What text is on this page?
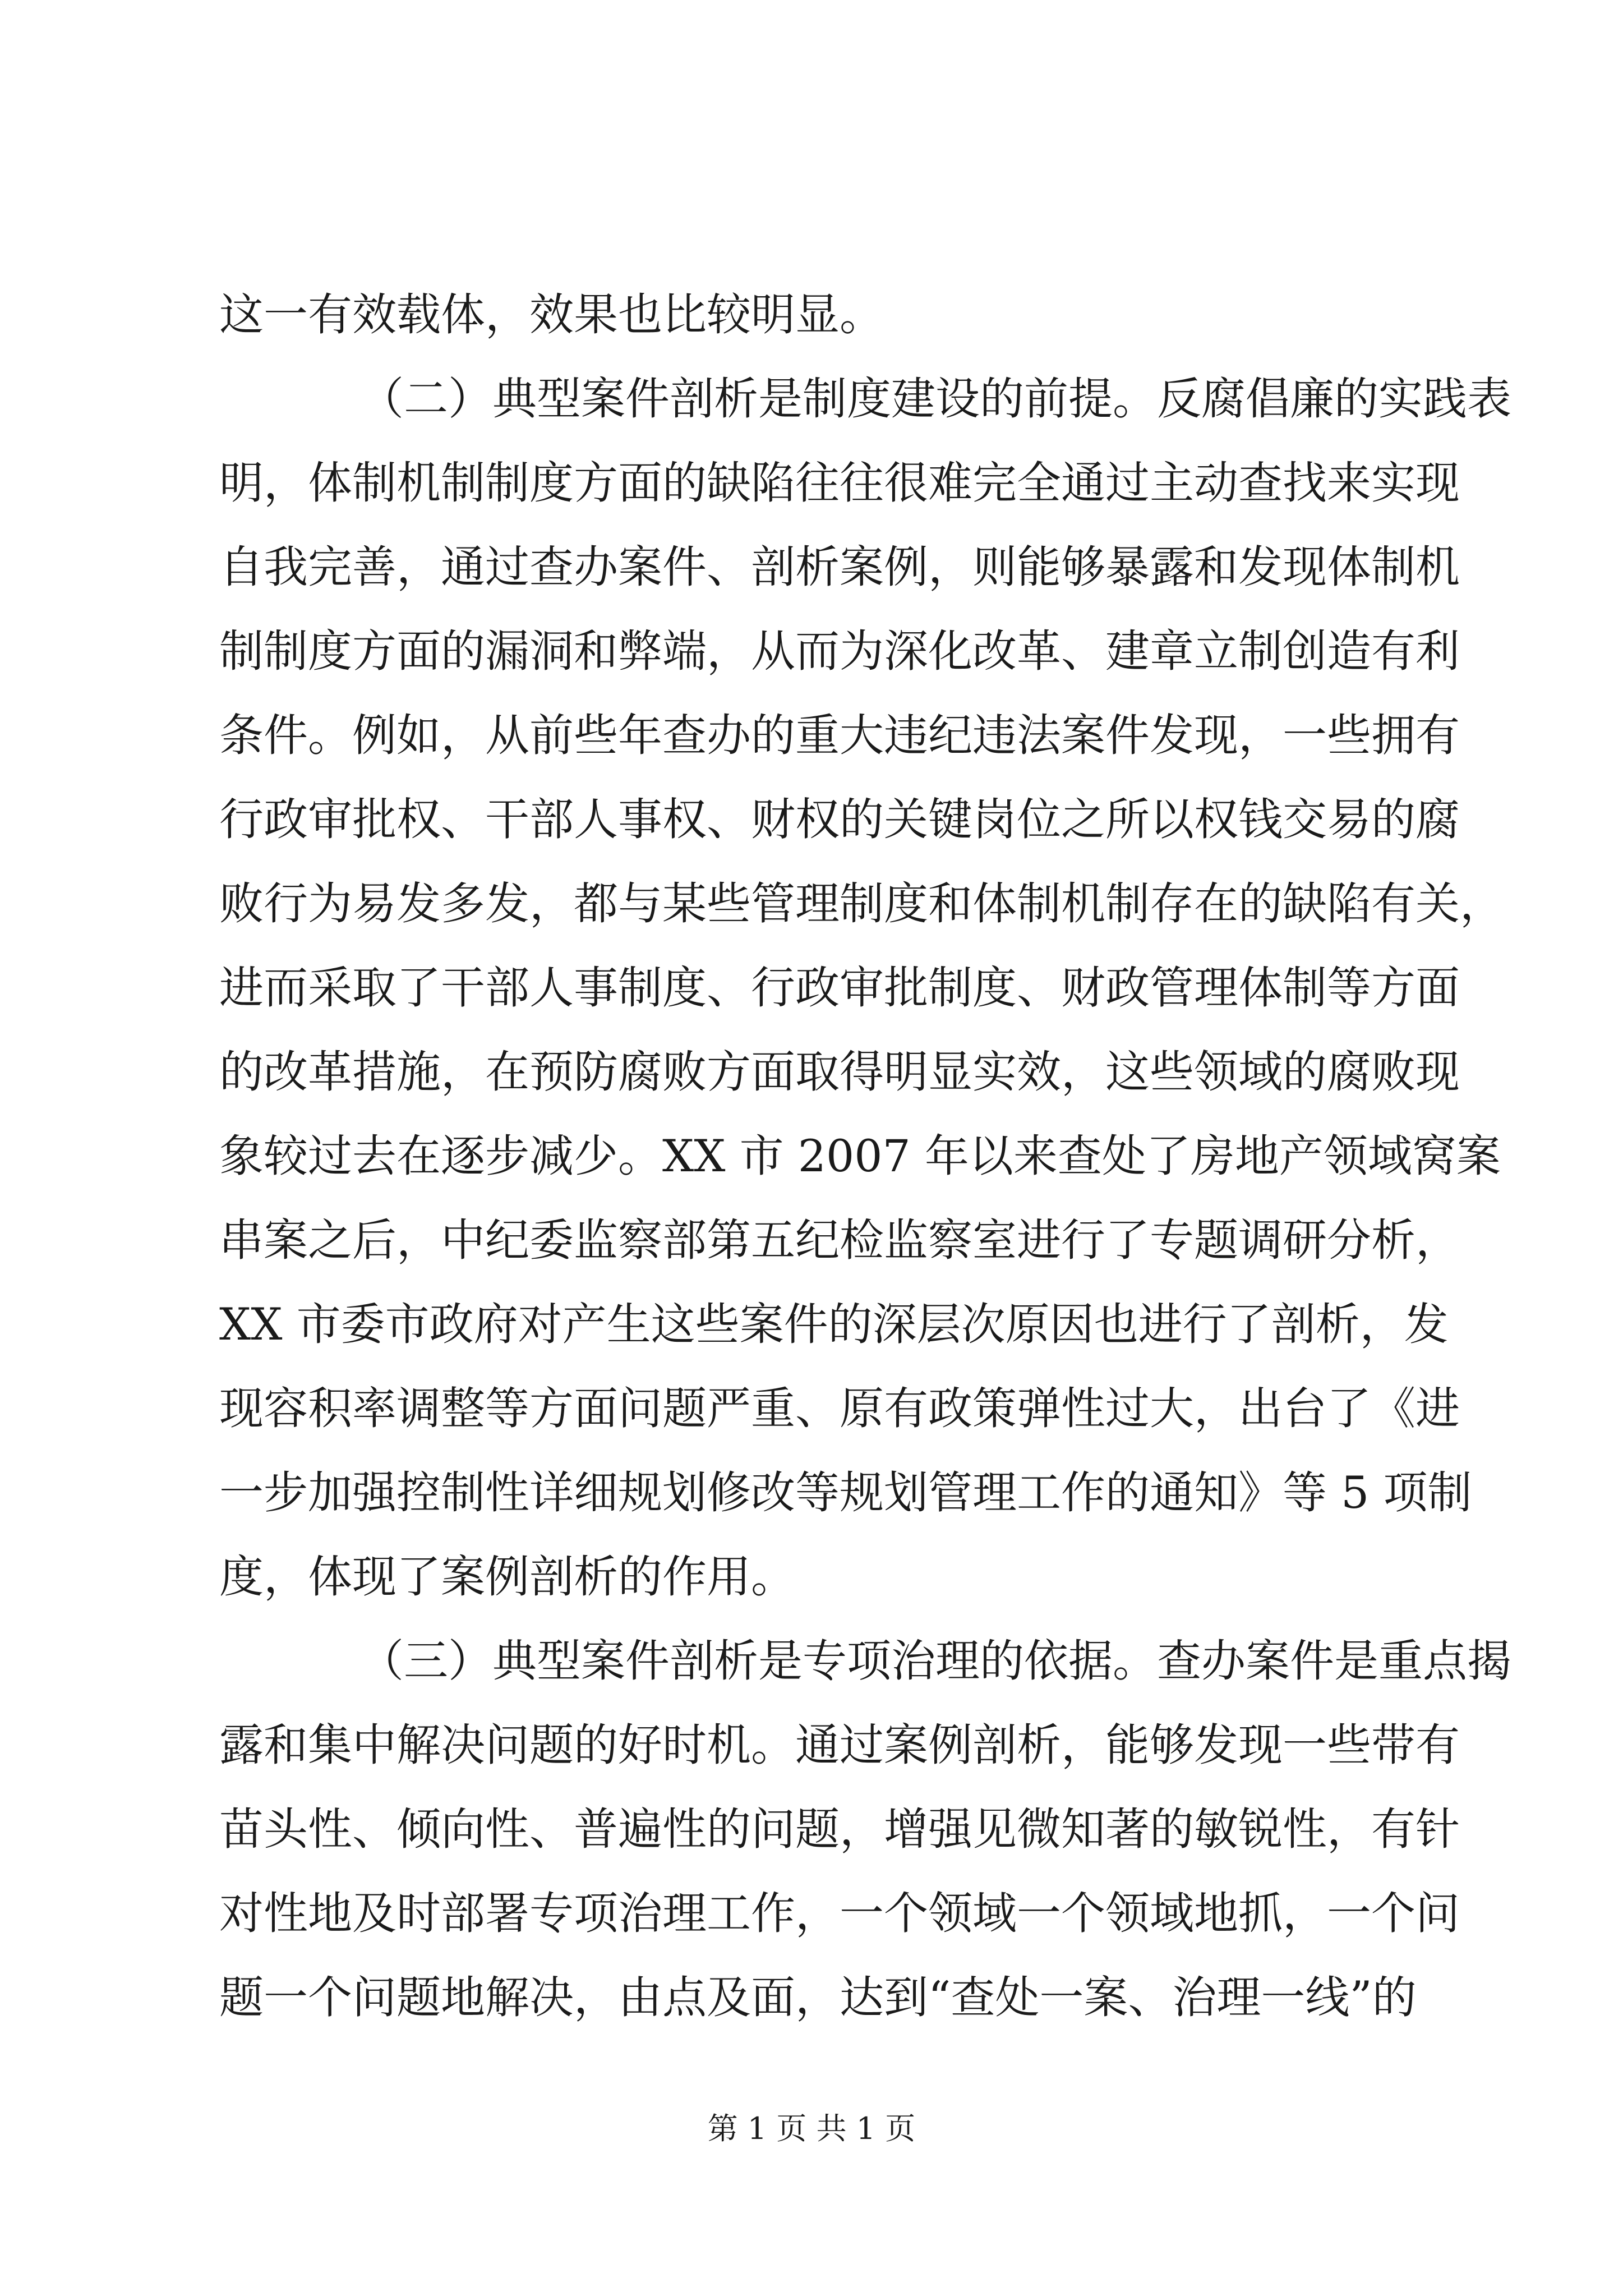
这一有效载体，效果也比较明显。
（二）典型案件剖析是制度建设的前提。反腐倡廉的实践表
明，体制机制制度方面的缺陷往往很难完全通过主动查找来实现
自我完善，通过查办案件、剖析案例，则能够暴露和发现体制机
制制度方面的漏洞和弊端，从而为深化改革、建章立制创造有利
条件。例如，从前些年查办的重大违纪违法案件发现，一些拥有
行政审批权、干部人事权、财权的关键岗位之所以权钱交易的腐
败行为易发多发，都与某些管理制度和体制机制存在的缺陷有关，
进而采取了干部人事制度、行政审批制度、财政管理体制等方面
的改革措施，在预防腐败方面取得明显实效，这些领域的腐败现
象较过去在逐步减少。XX 市 2007 年以来查处了房地产领域窝案
串案之后，中纪委监察部第五纪检监察室进行了专题调研分析，
XX 市委市政府对产生这些案件的深层次原因也进行了剖析，发
现容积率调整等方面问题严重、原有政策弹性过大，出台了《进
一步加强控制性详细规划修改等规划管理工作的通知》等 5 项制
度，体现了案例剖析的作用。
（三）典型案件剖析是专项治理的依据。查办案件是重点揭
露和集中解决问题的好时机。通过案例剖析，能够发现一些带有
苗头性、倾向性、普遍性的问题，增强见微知著的敏锐性，有针
对性地及时部署专项治理工作，一个领域一个领域地抓，一个问
题一个问题地解决，由点及面，达到“查处一案、治理一线”的
第 1 页 共 1 页
